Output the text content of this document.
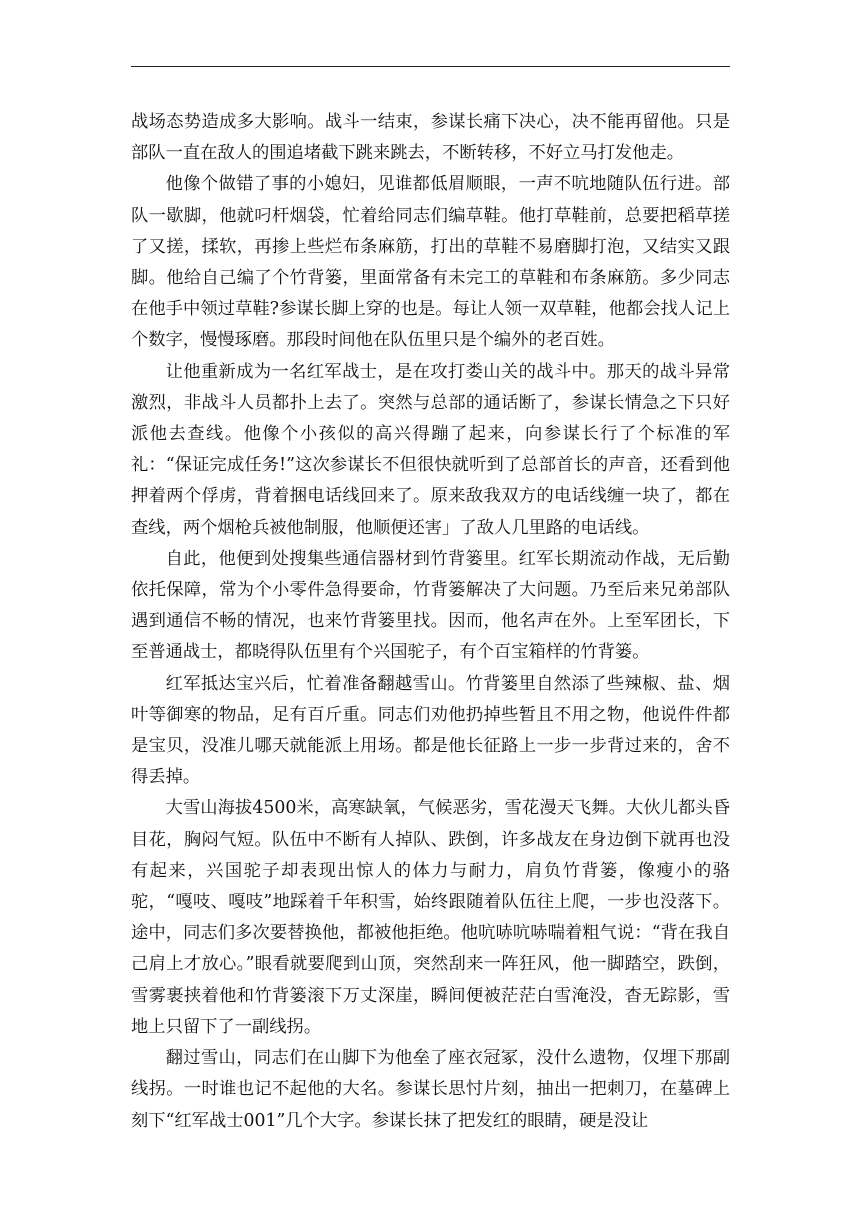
战场态势造成多大影响。战斗一结束，参谋长痛下决心，决不能再留他。只是部队一直在敌人的围追堵截下跳来跳去，不断转移，不好立马打发他走。

他像个做错了事的小媳妇，见谁都低眉顺眼，一声不吭地随队伍行进。部队一歇脚，他就叼杆烟袋，忙着给同志们编草鞋。他打草鞋前，总要把稻草搓了又搓，揉软，再掺上些烂布条麻筋，打出的草鞋不易磨脚打泡，又结实又跟脚。他给自己编了个竹背篓，里面常备有未完工的草鞋和布条麻筋。多少同志在他手中领过草鞋?参谋长脚上穿的也是。每让人领一双草鞋，他都会找人记上个数字，慢慢琢磨。那段时间他在队伍里只是个编外的老百姓。

让他重新成为一名红军战士，是在攻打娄山关的战斗中。那天的战斗异常激烈，非战斗人员都扑上去了。突然与总部的通话断了，参谋长情急之下只好派他去查线。他像个小孩似的高兴得蹦了起来，向参谋长行了个标准的军礼：“保证完成任务!”这次参谋长不但很快就听到了总部首长的声音，还看到他押着两个俘虏，背着捆电话线回来了。原来敌我双方的电话线缠一块了，都在查线，两个烟枪兵被他制服，他顺便还害」了敌人几里路的电话线。

自此，他便到处搜集些通信器材到竹背篓里。红军长期流动作战，无后勤依托保障，常为个小零件急得要命，竹背篓解决了大问题。乃至后来兄弟部队遇到通信不畅的情况，也来竹背篓里找。因而，他名声在外。上至军团长，下至普通战士，都晓得队伍里有个兴国驼子，有个百宝箱样的竹背篓。

红军抵达宝兴后，忙着准备翻越雪山。竹背篓里自然添了些辣椒、盐、烟叶等御寒的物品，足有百斤重。同志们劝他扔掉些暂且不用之物，他说件件都是宝贝，没准儿哪天就能派上用场。都是他长征路上一步一步背过来的，舍不得丢掉。

大雪山海拔4500米，高寒缺氧，气候恶劣，雪花漫天飞舞。大伙儿都头昏目花，胸闷气短。队伍中不断有人掉队、跌倒，许多战友在身边倒下就再也没有起来，兴国驼子却表现出惊人的体力与耐力，肩负竹背篓，像瘦小的骆驼，“嘎吱、嘎吱”地踩着千年积雪，始终跟随着队伍往上爬，一步也没落下。途中，同志们多次要替换他，都被他拒绝。他吭哧吭哧喘着粗气说：“背在我自己肩上才放心。”眼看就要爬到山顶，突然刮来一阵狂风，他一脚踏空，跌倒，雪雾裹挟着他和竹背篓滚下万丈深崖，瞬间便被茫茫白雪淹没，杳无踪影，雪地上只留下了一副线拐。

翻过雪山，同志们在山脚下为他垒了座衣冠冢，没什么遗物，仅埋下那副线拐。一时谁也记不起他的大名。参谋长思忖片刻，抽出一把刺刀，在墓碑上刻下“红军战士001”几个大字。参谋长抹了把发红的眼睛，硬是没让
